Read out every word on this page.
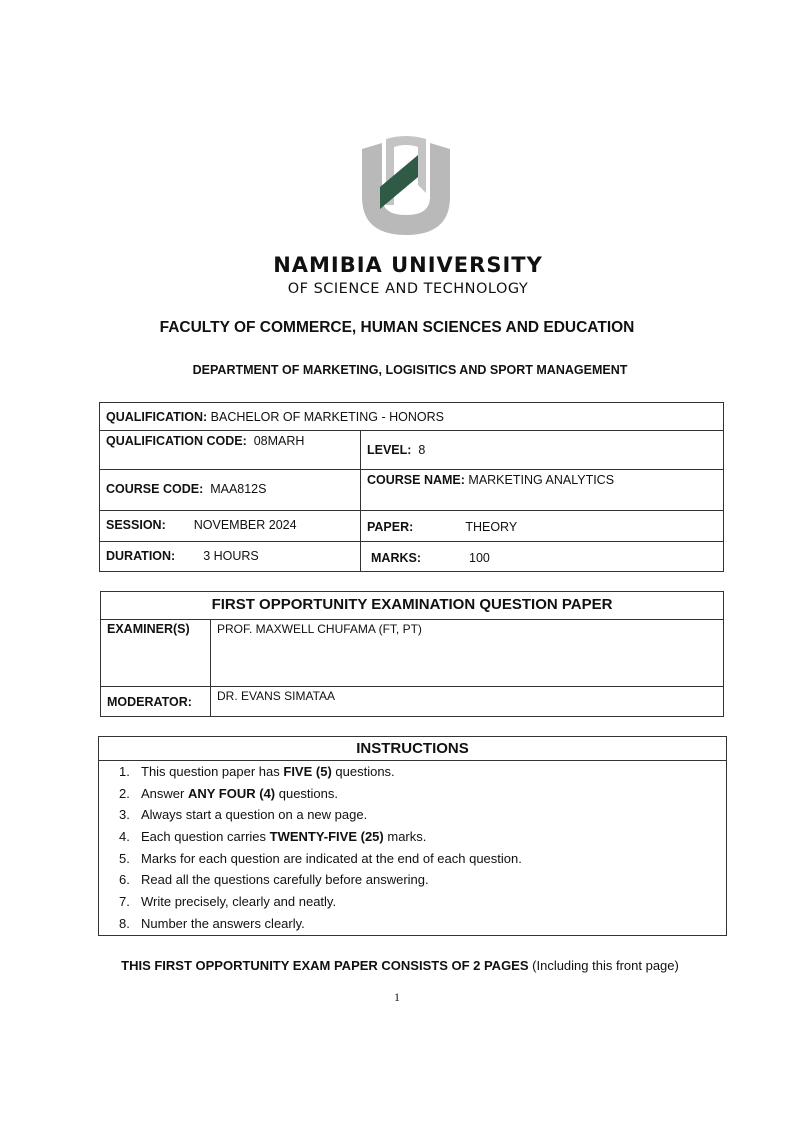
NAMIBIA UNIVERSITY
OF SCIENCE AND TECHNOLOGY
FACULTY OF COMMERCE, HUMAN SCIENCES AND EDUCATION
DEPARTMENT OF MARKETING, LOGISITICS AND SPORT MANAGEMENT
QUALIFICATION: BACHELOR OF MARKETING - HONORS	
QUALIFICATION CODE: 08MARH	LEVEL: 8
COURSE CODE: MAA812S	COURSE NAME: MARKETING ANALYTICS
SESSION: NOVEMBER 2024	PAPER: THEORY
DURATION: 3 HOURS	MARKS: 100
FIRST OPPORTUNITY EXAMINATION QUESTION PAPER	
EXAMINER(S)	PROF. MAXWELL CHUFAMA (FT, PT)
MODERATOR:	DR. EVANS SIMATAA
INSTRUCTIONS
1. This question paper has FIVE (5) questions.
2. Answer ANY FOUR (4) questions.
3. Always start a question on a new page.
4. Each question carries TWENTY-FIVE (25) marks.
5. Marks for each question are indicated at the end of each question.
6. Read all the questions carefully before answering.
7. Write precisely, clearly and neatly.
8. Number the answers clearly.
THIS FIRST OPPORTUNITY EXAM PAPER CONSISTS OF 2 PAGES (Including this front page)
1
